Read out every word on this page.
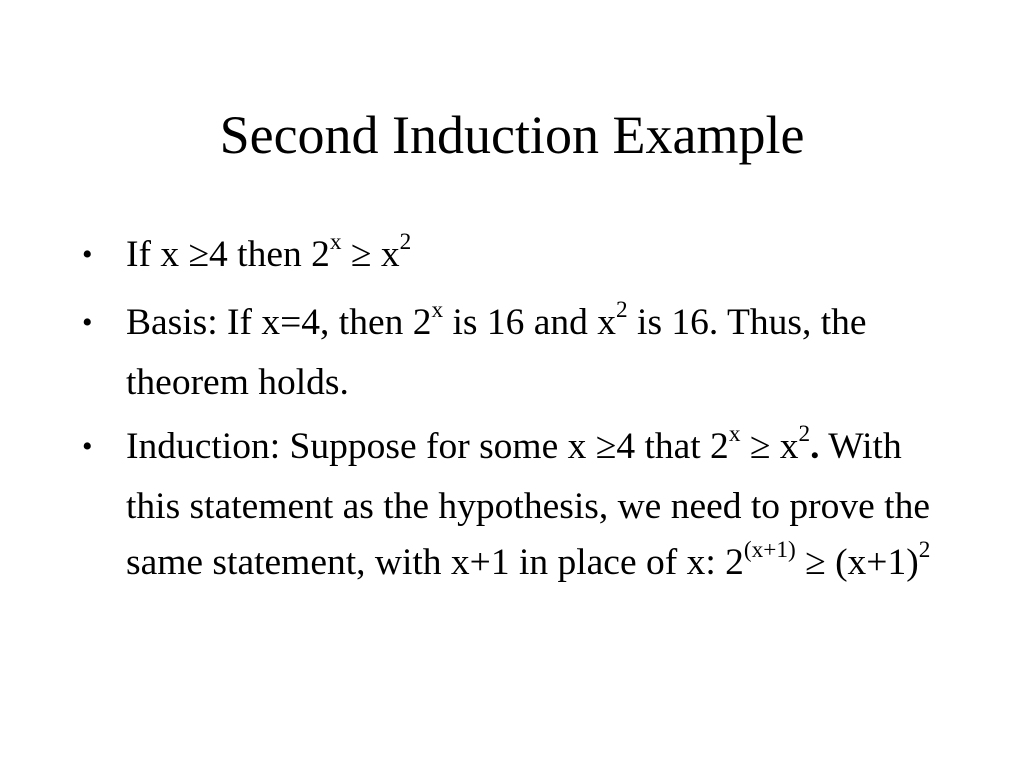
Second Induction Example
• If x ≥4 then $2^x \ge x^2$
• Basis: If x=4, then 2$^x$ is 16 and $x^2$ is 16. Thus, the theorem holds.
• Induction: Suppose for some x ≥4 that $2^x \ge x^2$. With this statement as the hypothesis, we need to prove the same statement, with x+1 in place of x: $2^{(x+1)} \ge (x+1)^2$
